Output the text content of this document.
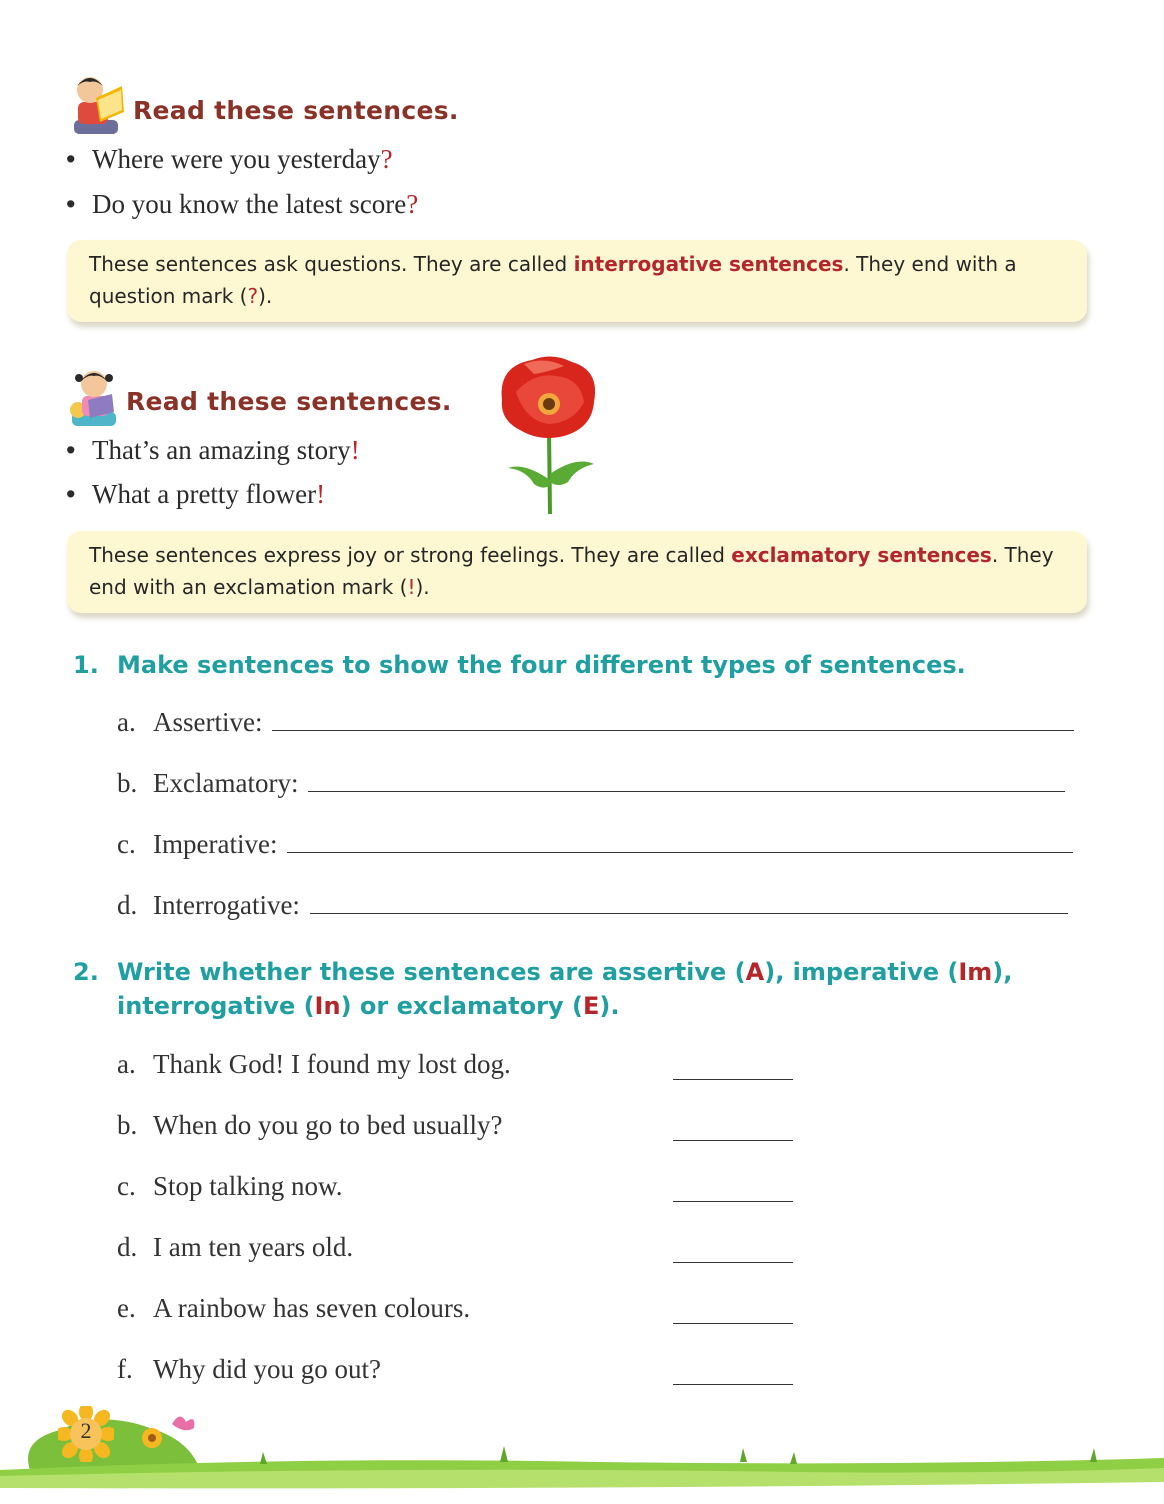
Read these sentences.
• Where were you yesterday?
• Do you know the latest score?
These sentences ask questions. They are called interrogative sentences. They end with a question mark (?).
Read these sentences.
• That’s an amazing story!
• What a pretty flower!
These sentences express joy or strong feelings. They are called exclamatory sentences. They end with an exclamation mark (!).
1. Make sentences to show the four different types of sentences.
a. Assertive:
b. Exclamatory:
c. Imperative:
d. Interrogative:
2. Write whether these sentences are assertive (A), imperative (Im),
interrogative (In) or exclamatory (E).
a. Thank God! I found my lost dog.
b. When do you go to bed usually?
c. Stop talking now.
d. I am ten years old.
e. A rainbow has seven colours.
f. Why did you go out?
2
